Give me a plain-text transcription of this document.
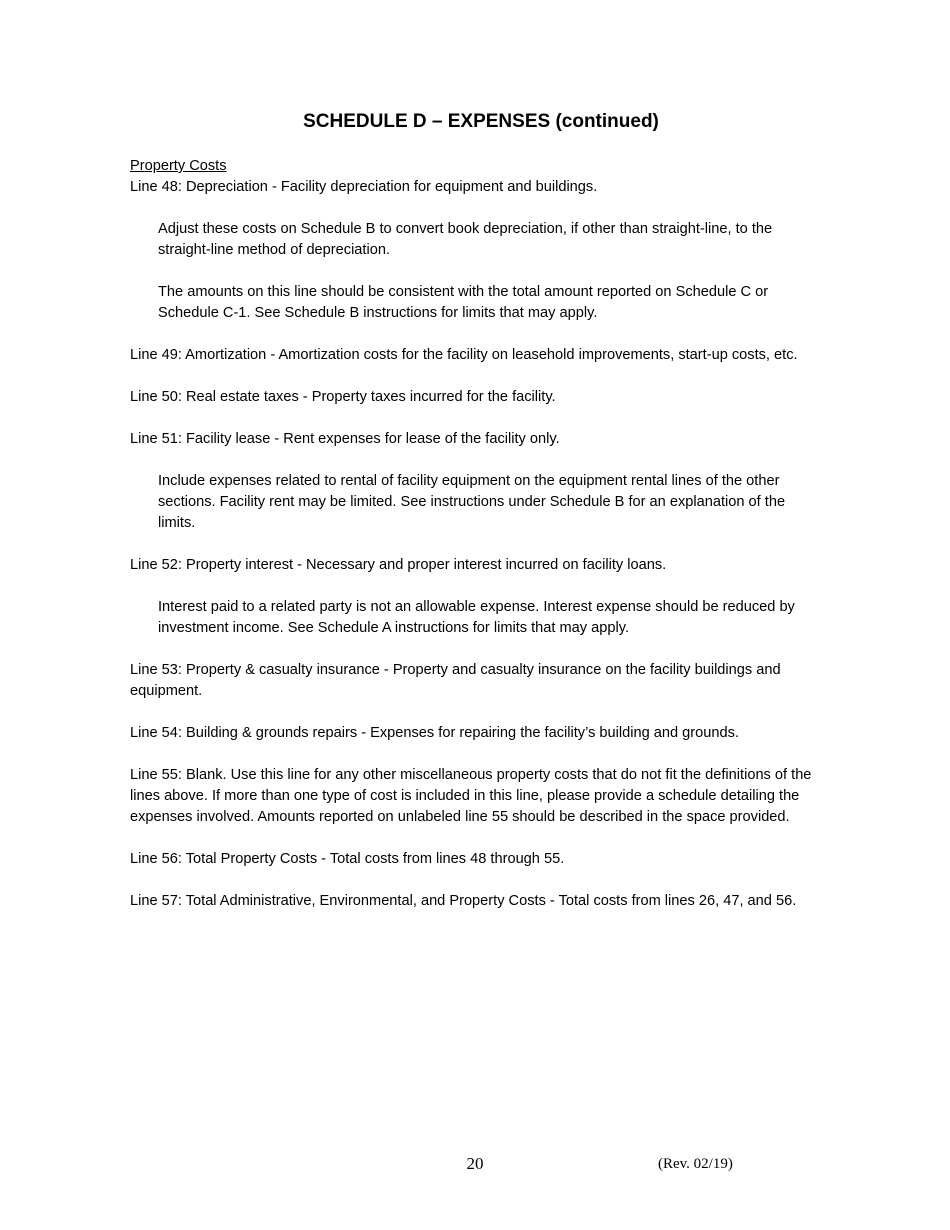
SCHEDULE D – EXPENSES (continued)

Property Costs

Line 48: Depreciation - Facility depreciation for equipment and buildings.

Adjust these costs on Schedule B to convert book depreciation, if other than straight-line, to the straight-line method of depreciation.

The amounts on this line should be consistent with the total amount reported on Schedule C or Schedule C-1. See Schedule B instructions for limits that may apply.

Line 49: Amortization - Amortization costs for the facility on leasehold improvements, start-up costs, etc.

Line 50: Real estate taxes - Property taxes incurred for the facility.

Line 51: Facility lease - Rent expenses for lease of the facility only.

Include expenses related to rental of facility equipment on the equipment rental lines of the other sections. Facility rent may be limited. See instructions under Schedule B for an explanation of the limits.

Line 52: Property interest - Necessary and proper interest incurred on facility loans.

Interest paid to a related party is not an allowable expense. Interest expense should be reduced by investment income. See Schedule A instructions for limits that may apply.

Line 53: Property & casualty insurance - Property and casualty insurance on the facility buildings and equipment.

Line 54: Building & grounds repairs - Expenses for repairing the facility’s building and grounds.

Line 55: Blank. Use this line for any other miscellaneous property costs that do not fit the definitions of the lines above. If more than one type of cost is included in this line, please provide a schedule detailing the expenses involved. Amounts reported on unlabeled line 55 should be described in the space provided.

Line 56: Total Property Costs - Total costs from lines 48 through 55.

Line 57: Total Administrative, Environmental, and Property Costs - Total costs from lines 26, 47, and 56.

20	(Rev. 02/19)
